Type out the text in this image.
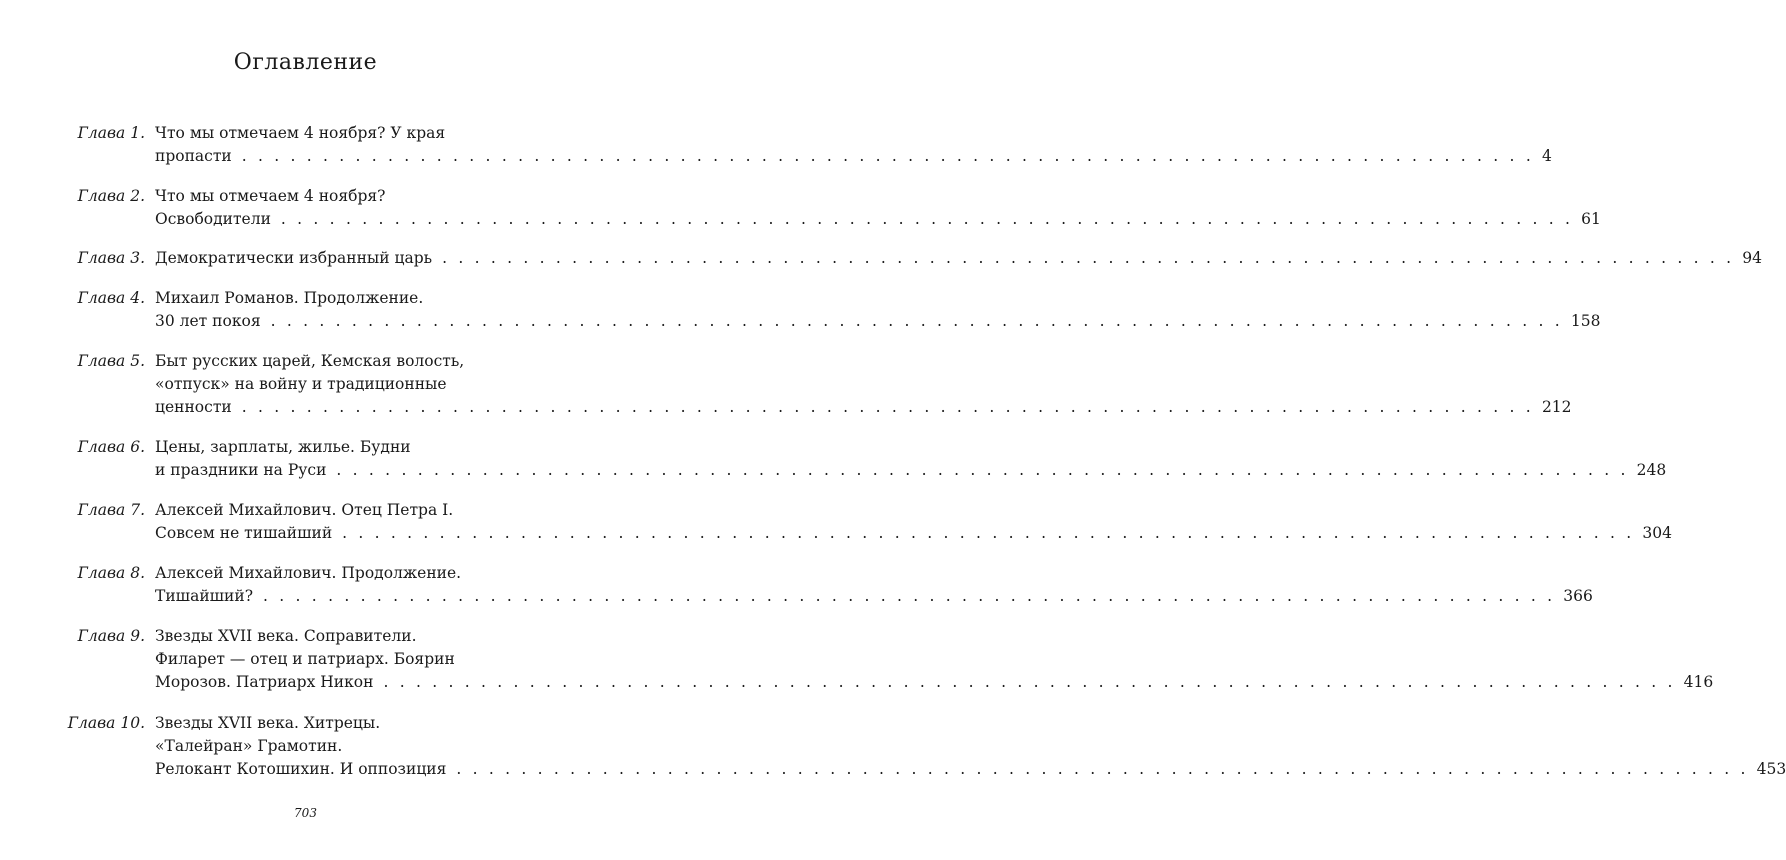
Оглавление
Глава 1. Что мы отмечаем 4 ноября? У края
пропасти . . . . . . . . . . . . . . . . . . . . . . . . . . . . . . . . . . . . . . . . . . . . . . . . . . . . . . . . . . . . . . . . . . . . . . . . . . . . . . . . 4
Глава 2. Что мы отмечаем 4 ноября?
Освободители . . . . . . . . . . . . . . . . . . . . . . . . . . . . . . . . . . . . . . . . . . . . . . . . . . . . . . . . . . . . . . . . . . . . . . . . . . . . . . . . 61
Глава 3. Демократически избранный царь . . . . . . . . . . . . . . . . . . . . . . . . . . . . . . . . . . . . . . . . . . . . . . . . . . . . . . . . . . . . . . . . . . . . . . . . . . . . . . . . 94
Глава 4. Михаил Романов. Продолжение.
30 лет покоя . . . . . . . . . . . . . . . . . . . . . . . . . . . . . . . . . . . . . . . . . . . . . . . . . . . . . . . . . . . . . . . . . . . . . . . . . . . . . . . . 158
Глава 5. Быт русских царей, Кемская волость,
«отпуск» на войну и традиционные
ценности . . . . . . . . . . . . . . . . . . . . . . . . . . . . . . . . . . . . . . . . . . . . . . . . . . . . . . . . . . . . . . . . . . . . . . . . . . . . . . . . 212
Глава 6. Цены, зарплаты, жилье. Будни
и праздники на Руси . . . . . . . . . . . . . . . . . . . . . . . . . . . . . . . . . . . . . . . . . . . . . . . . . . . . . . . . . . . . . . . . . . . . . . . . . . . . . . . . 248
Глава 7. Алексей Михайлович. Отец Петра I.
Совсем не тишайший . . . . . . . . . . . . . . . . . . . . . . . . . . . . . . . . . . . . . . . . . . . . . . . . . . . . . . . . . . . . . . . . . . . . . . . . . . . . . . . . 304
Глава 8. Алексей Михайлович. Продолжение.
Тишайший? . . . . . . . . . . . . . . . . . . . . . . . . . . . . . . . . . . . . . . . . . . . . . . . . . . . . . . . . . . . . . . . . . . . . . . . . . . . . . . . . 366
Глава 9. Звезды XVII века. Соправители.
Филарет — отец и патриарх. Боярин
Морозов. Патриарх Никон . . . . . . . . . . . . . . . . . . . . . . . . . . . . . . . . . . . . . . . . . . . . . . . . . . . . . . . . . . . . . . . . . . . . . . . . . . . . . . . . 416
Глава 10. Звезды XVII века. Хитрецы.
«Талейран» Грамотин.
Релокант Котошихин. И оппозиция . . . . . . . . . . . . . . . . . . . . . . . . . . . . . . . . . . . . . . . . . . . . . . . . . . . . . . . . . . . . . . . . . . . . . . . . . . . . . . . . 453
703
